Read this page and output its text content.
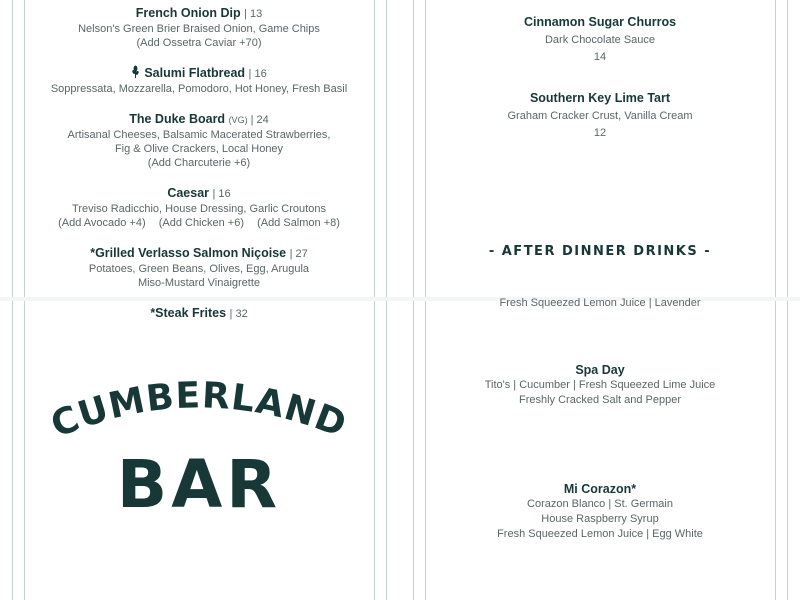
French Onion Dip | 13
Nelson's Green Brier Braised Onion, Game Chips
(Add Ossetra Caviar +70)
Salumi Flatbread | 16
Soppressata, Mozzarella, Pomodoro, Hot Honey, Fresh Basil
The Duke Board (VG) | 24
Artisanal Cheeses, Balsamic Macerated Strawberries,
Fig & Olive Crackers, Local Honey
(Add Charcuterie +6)
Caesar | 16
Treviso Radicchio, House Dressing, Garlic Croutons
(Add Avocado +4) (Add Chicken +6) (Add Salmon +8)
*Grilled Verlasso Salmon Niçoise | 27
Potatoes, Green Beans, Olives, Egg, Arugula
Miso-Mustard Vinaigrette
*Steak Frites | 32
Cinnamon Sugar Churros
Dark Chocolate Sauce
14
Southern Key Lime Tart
Graham Cracker Crust, Vanilla Cream
12
- AFTER DINNER DRINKS -
CUMBERLAND
BAR
Fresh Squeezed Lemon Juice | Lavender
Spa Day
Tito's | Cucumber | Fresh Squeezed Lime Juice
Freshly Cracked Salt and Pepper
Mi Corazon*
Corazon Blanco | St. Germain
House Raspberry Syrup
Fresh Squeezed Lemon Juice | Egg White
